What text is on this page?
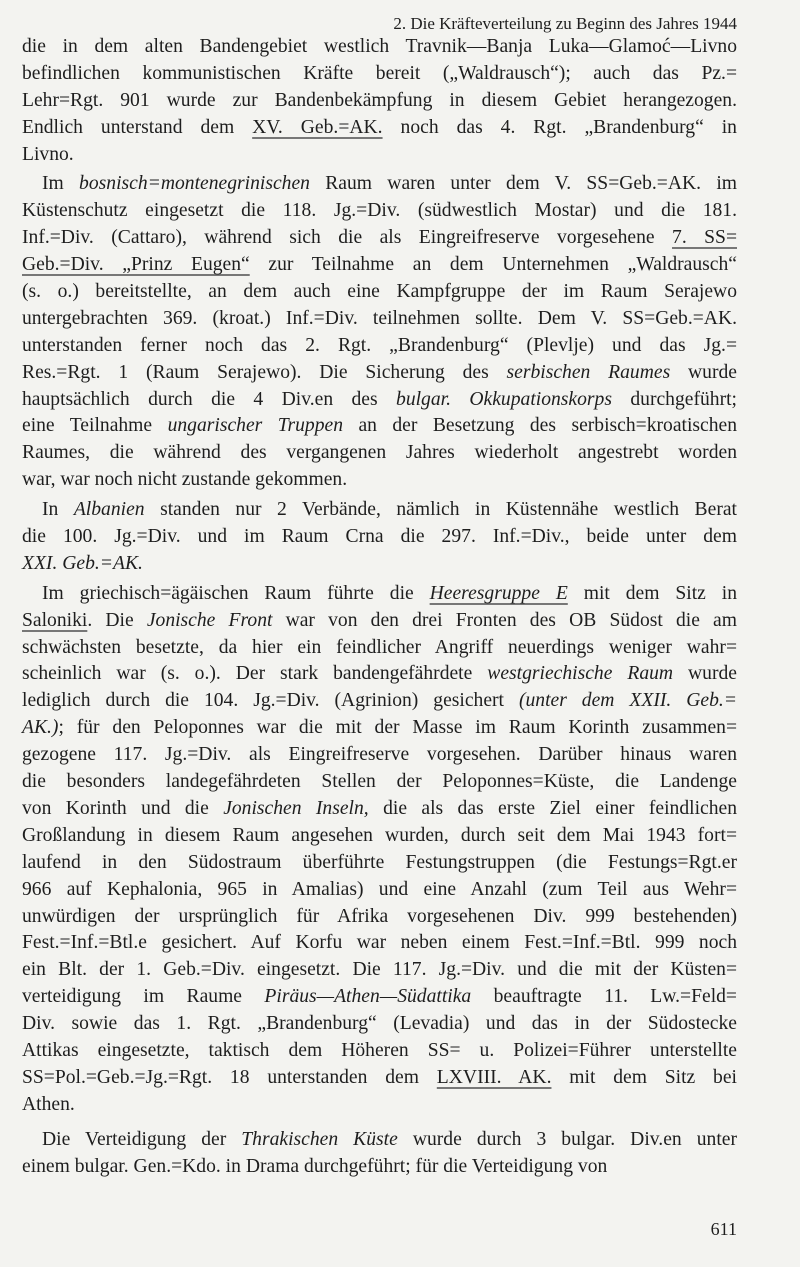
2. Die Kräfteverteilung zu Beginn des Jahres 1944
die in dem alten Bandengebiet westlich Travnik—Banja Luka—Glamoć—Livno
befindlichen kommunistischen Kräfte bereit („Waldrausch“); auch das Pz.=
Lehr=Rgt. 901 wurde zur Bandenbekämpfung in diesem Gebiet herangezogen.
Endlich unterstand dem XV. Geb.=AK. noch das 4. Rgt. „Brandenburg“ in
Livno.
Im bosnisch=montenegrinischen Raum waren unter dem V. SS=Geb.=AK. im
Küstenschutz eingesetzt die 118. Jg.=Div. (südwestlich Mostar) und die 181.
Inf.=Div. (Cattaro), während sich die als Eingreifreserve vorgesehene 7. SS=
Geb.=Div. „Prinz Eugen“ zur Teilnahme an dem Unternehmen „Waldrausch“
(s. o.) bereitstellte, an dem auch eine Kampfgruppe der im Raum Serajewo
untergebrachten 369. (kroat.) Inf.=Div. teilnehmen sollte. Dem V. SS=Geb.=AK.
unterstanden ferner noch das 2. Rgt. „Brandenburg“ (Plevlje) und das Jg.=
Res.=Rgt. 1 (Raum Serajewo). Die Sicherung des serbischen Raumes wurde
hauptsächlich durch die 4 Div.en des bulgar. Okkupationskorps durchgeführt;
eine Teilnahme ungarischer Truppen an der Besetzung des serbisch=kroatischen
Raumes, die während des vergangenen Jahres wiederholt angestrebt worden
war, war noch nicht zustande gekommen.
In Albanien standen nur 2 Verbände, nämlich in Küstennähe westlich Berat
die 100. Jg.=Div. und im Raum Crna die 297. Inf.=Div., beide unter dem
XXI. Geb.=AK.
Im griechisch=ägäischen Raum führte die Heeresgruppe E mit dem Sitz in
Saloniki. Die Jonische Front war von den drei Fronten des OB Südost die am
schwächsten besetzte, da hier ein feindlicher Angriff neuerdings weniger wahr=
scheinlich war (s. o.). Der stark bandengefährdete westgriechische Raum wurde
lediglich durch die 104. Jg.=Div. (Agrinion) gesichert (unter dem XXII. Geb.=
AK.); für den Peloponnes war die mit der Masse im Raum Korinth zusammen=
gezogene 117. Jg.=Div. als Eingreifreserve vorgesehen. Darüber hinaus waren
die besonders landegefährdeten Stellen der Peloponnes=Küste, die Landenge
von Korinth und die Jonischen Inseln, die als das erste Ziel einer feindlichen
Großlandung in diesem Raum angesehen wurden, durch seit dem Mai 1943 fort=
laufend in den Südostraum überführte Festungstruppen (die Festungs=Rgt.er
966 auf Kephalonia, 965 in Amalias) und eine Anzahl (zum Teil aus Wehr=
unwürdigen der ursprünglich für Afrika vorgesehenen Div. 999 bestehenden)
Fest.=Inf.=Btl.e gesichert. Auf Korfu war neben einem Fest.=Inf.=Btl. 999 noch
ein Blt. der 1. Geb.=Div. eingesetzt. Die 117. Jg.=Div. und die mit der Küsten=
verteidigung im Raume Piräus—Athen—Südattika beauftragte 11. Lw.=Feld=
Div. sowie das 1. Rgt. „Brandenburg“ (Levadia) und das in der Südostecke
Attikas eingesetzte, taktisch dem Höheren SS= u. Polizei=Führer unterstellte
SS=Pol.=Geb.=Jg.=Rgt. 18 unterstanden dem LXVIII. AK. mit dem Sitz bei
Athen.
Die Verteidigung der Thrakischen Küste wurde durch 3 bulgar. Div.en unter
einem bulgar. Gen.=Kdo. in Drama durchgeführt; für die Verteidigung von
611
